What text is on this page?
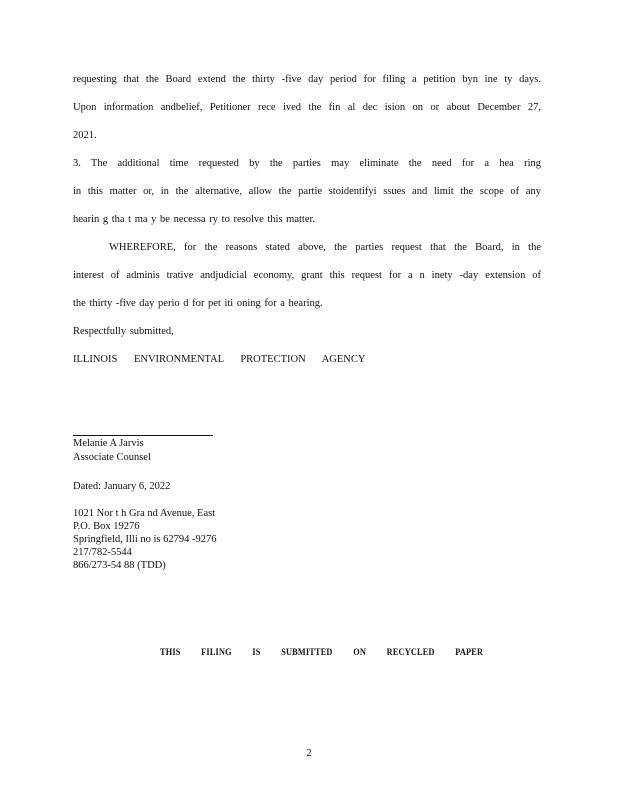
requesting that the Board extend the thirty -five day period for filing a petition byn ine ty days.
Upon information andbelief, Petitioner rece ived the fin al dec ision on or about December 27,
2021.
3. The additional time requested by the parties may eliminate the need for a hea ring
in this matter or, in the alternative, allow the partie stoidentifyi ssues and limit the scope of any
hearin g tha t ma y be necessa ry to resolve this matter.
WHEREFORE, for the reasons stated above, the parties request that the Board, in the
interest of adminis trative andjudicial economy, grant this request for a n inety -day extension of
the thirty -five day perio d for pet iti oning for a hearing.
Respectfully submitted,
ILLINOIS ENVIRONMENTAL PROTECTION AGENCY
Melanie A Jarvis
Associate Counsel
Dated: January 6, 2022
1021 Nor t h Gra nd Avenue, East
P.O. Box 19276
Springfield, Illi no is 62794 -9276
217/782-5544
866/273-54 88 (TDD)
THIS FILING IS SUBMITTED ON RECYCLED PAPER
2
